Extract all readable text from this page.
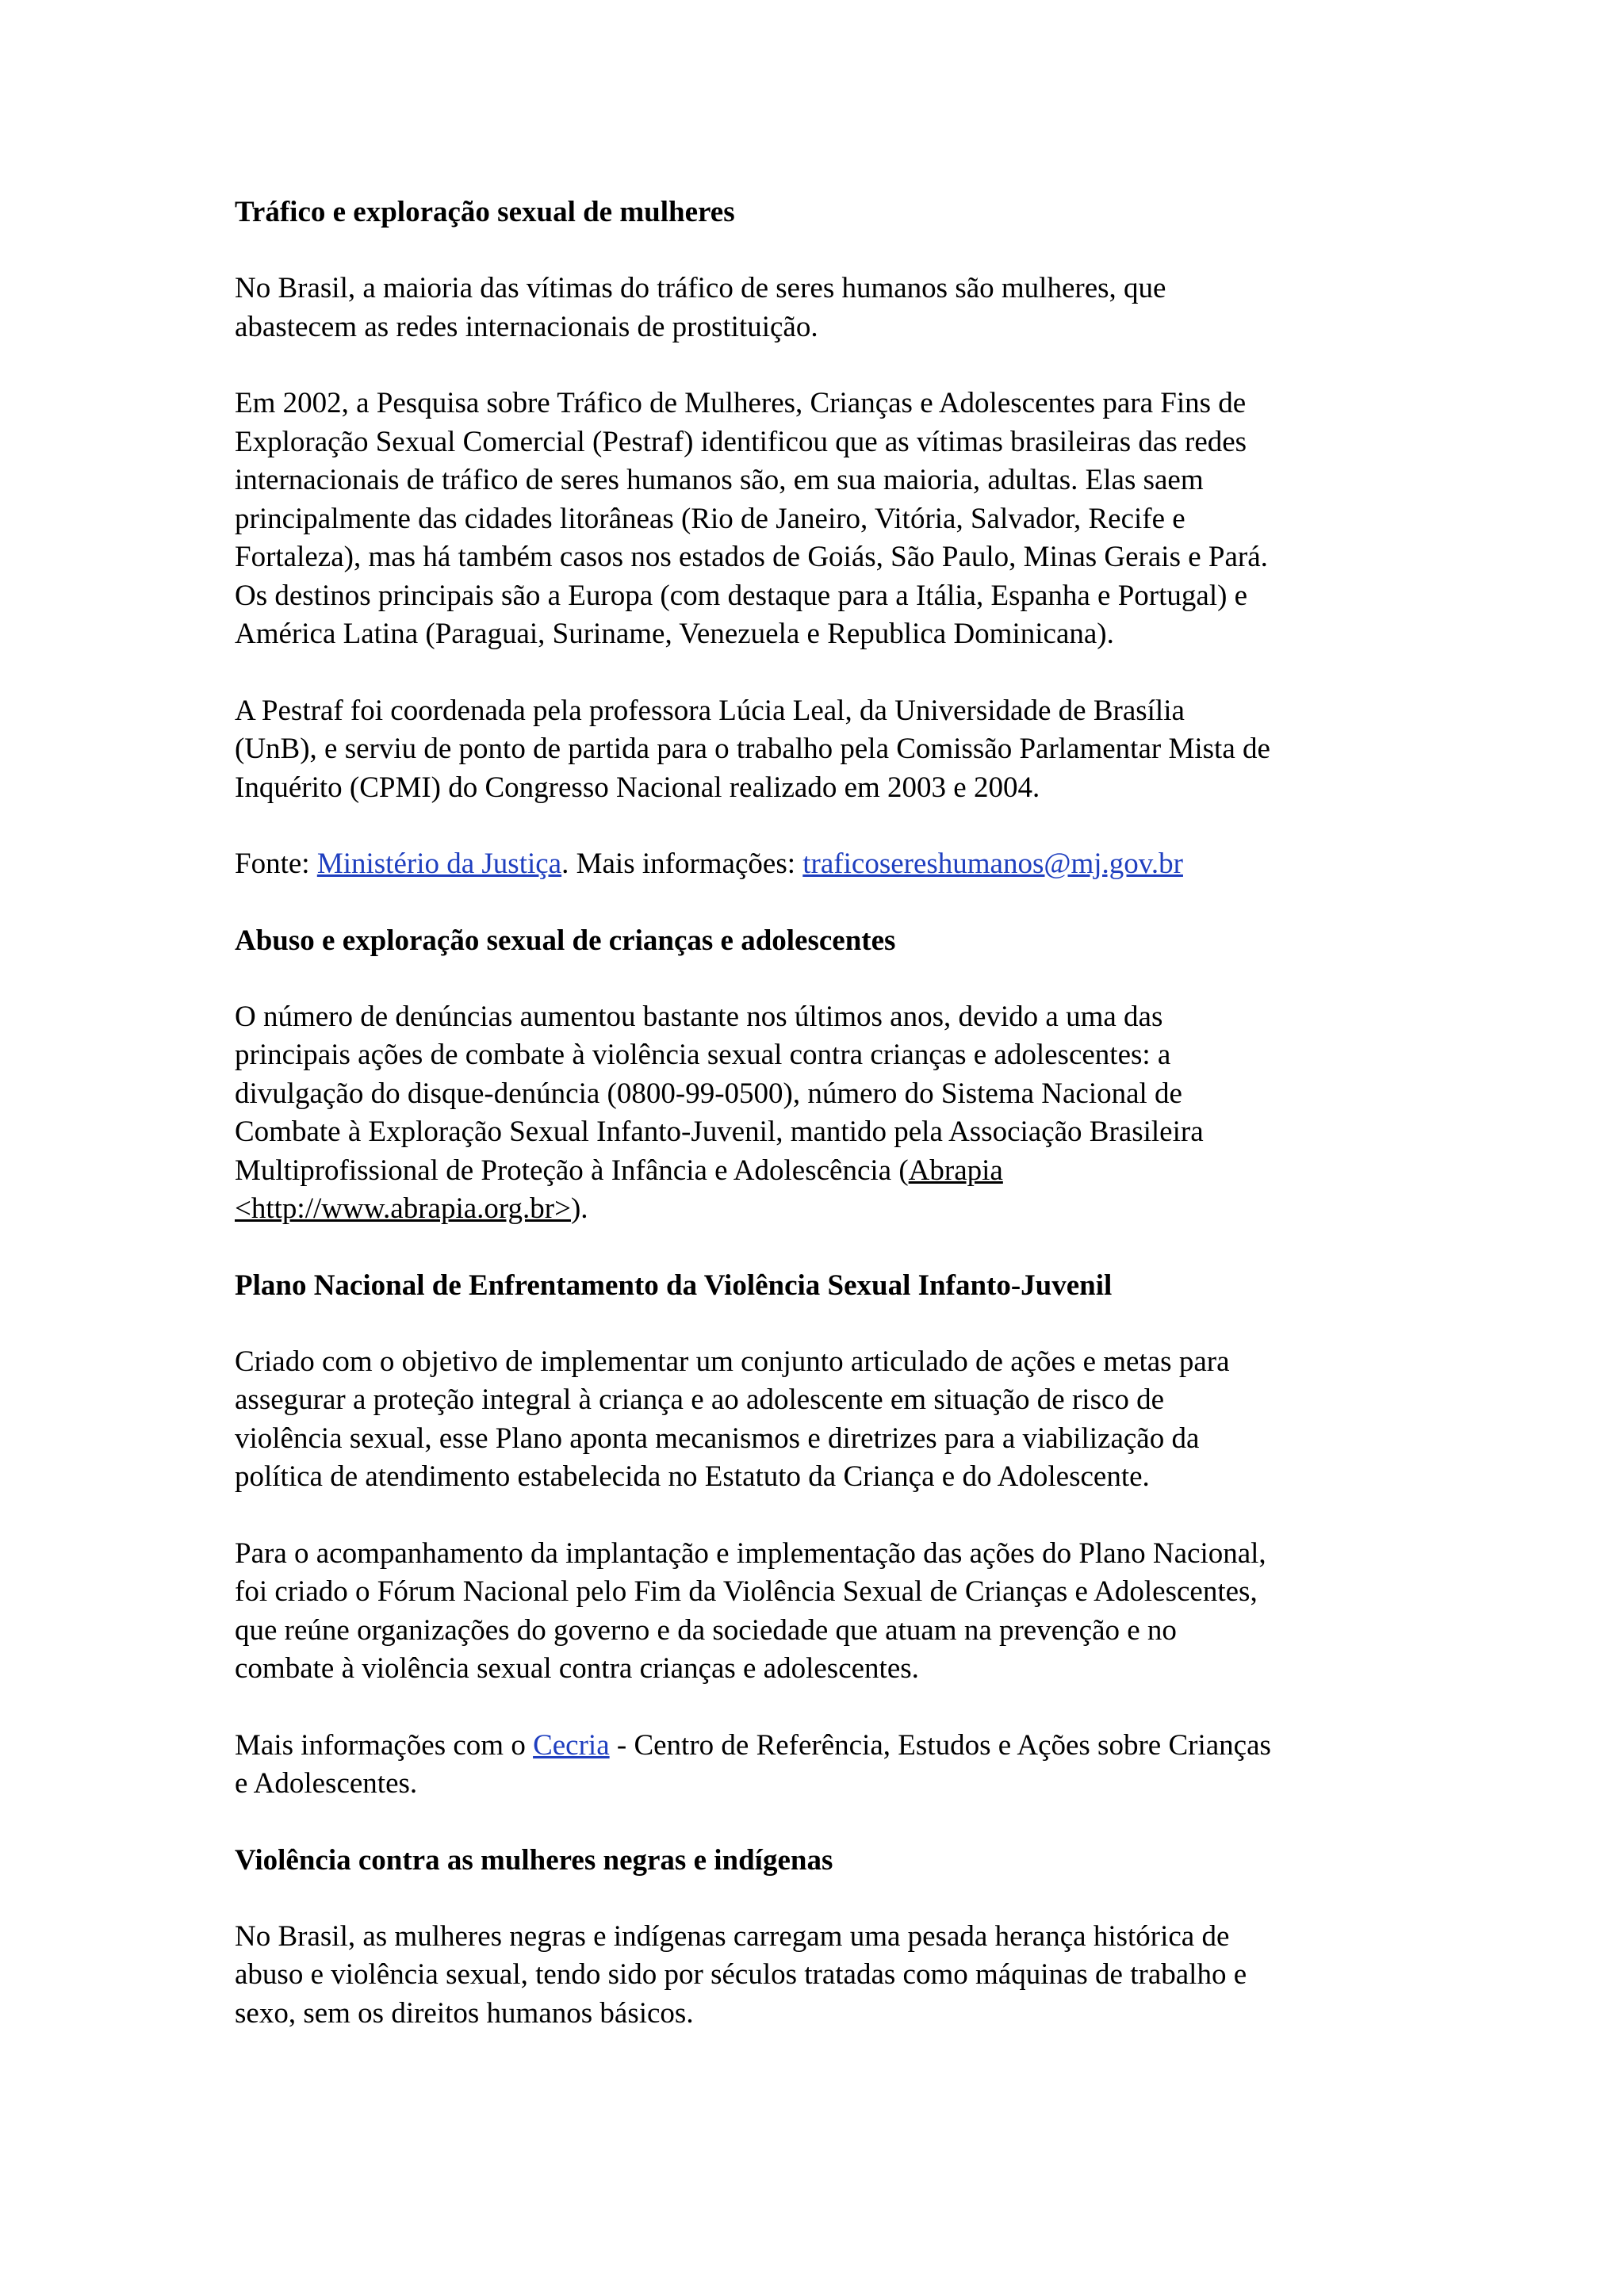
Tráfico e exploração sexual de mulheres

No Brasil, a maioria das vítimas do tráfico de seres humanos são mulheres, que
abastecem as redes internacionais de prostituição.

Em 2002, a Pesquisa sobre Tráfico de Mulheres, Crianças e Adolescentes para Fins de
Exploração Sexual Comercial (Pestraf) identificou que as vítimas brasileiras das redes
internacionais de tráfico de seres humanos são, em sua maioria, adultas. Elas saem
principalmente das cidades litorâneas (Rio de Janeiro, Vitória, Salvador, Recife e
Fortaleza), mas há também casos nos estados de Goiás, São Paulo, Minas Gerais e Pará.
Os destinos principais são a Europa (com destaque para a Itália, Espanha e Portugal) e
América Latina (Paraguai, Suriname, Venezuela e Republica Dominicana).

A Pestraf foi coordenada pela professora Lúcia Leal, da Universidade de Brasília
(UnB), e serviu de ponto de partida para o trabalho pela Comissão Parlamentar Mista de
Inquérito (CPMI) do Congresso Nacional realizado em 2003 e 2004.

Fonte: Ministério da Justiça. Mais informações: traficosereshumanos@mj.gov.br

Abuso e exploração sexual de crianças e adolescentes

O número de denúncias aumentou bastante nos últimos anos, devido a uma das
principais ações de combate à violência sexual contra crianças e adolescentes: a
divulgação do disque-denúncia (0800-99-0500), número do Sistema Nacional de
Combate à Exploração Sexual Infanto-Juvenil, mantido pela Associação Brasileira
Multiprofissional de Proteção à Infância e Adolescência (Abrapia
<http://www.abrapia.org.br>).

Plano Nacional de Enfrentamento da Violência Sexual Infanto-Juvenil

Criado com o objetivo de implementar um conjunto articulado de ações e metas para
assegurar a proteção integral à criança e ao adolescente em situação de risco de
violência sexual, esse Plano aponta mecanismos e diretrizes para a viabilização da
política de atendimento estabelecida no Estatuto da Criança e do Adolescente.

Para o acompanhamento da implantação e implementação das ações do Plano Nacional,
foi criado o Fórum Nacional pelo Fim da Violência Sexual de Crianças e Adolescentes,
que reúne organizações do governo e da sociedade que atuam na prevenção e no
combate à violência sexual contra crianças e adolescentes.

Mais informações com o Cecria - Centro de Referência, Estudos e Ações sobre Crianças
e Adolescentes.

Violência contra as mulheres negras e indígenas

No Brasil, as mulheres negras e indígenas carregam uma pesada herança histórica de
abuso e violência sexual, tendo sido por séculos tratadas como máquinas de trabalho e
sexo, sem os direitos humanos básicos.
